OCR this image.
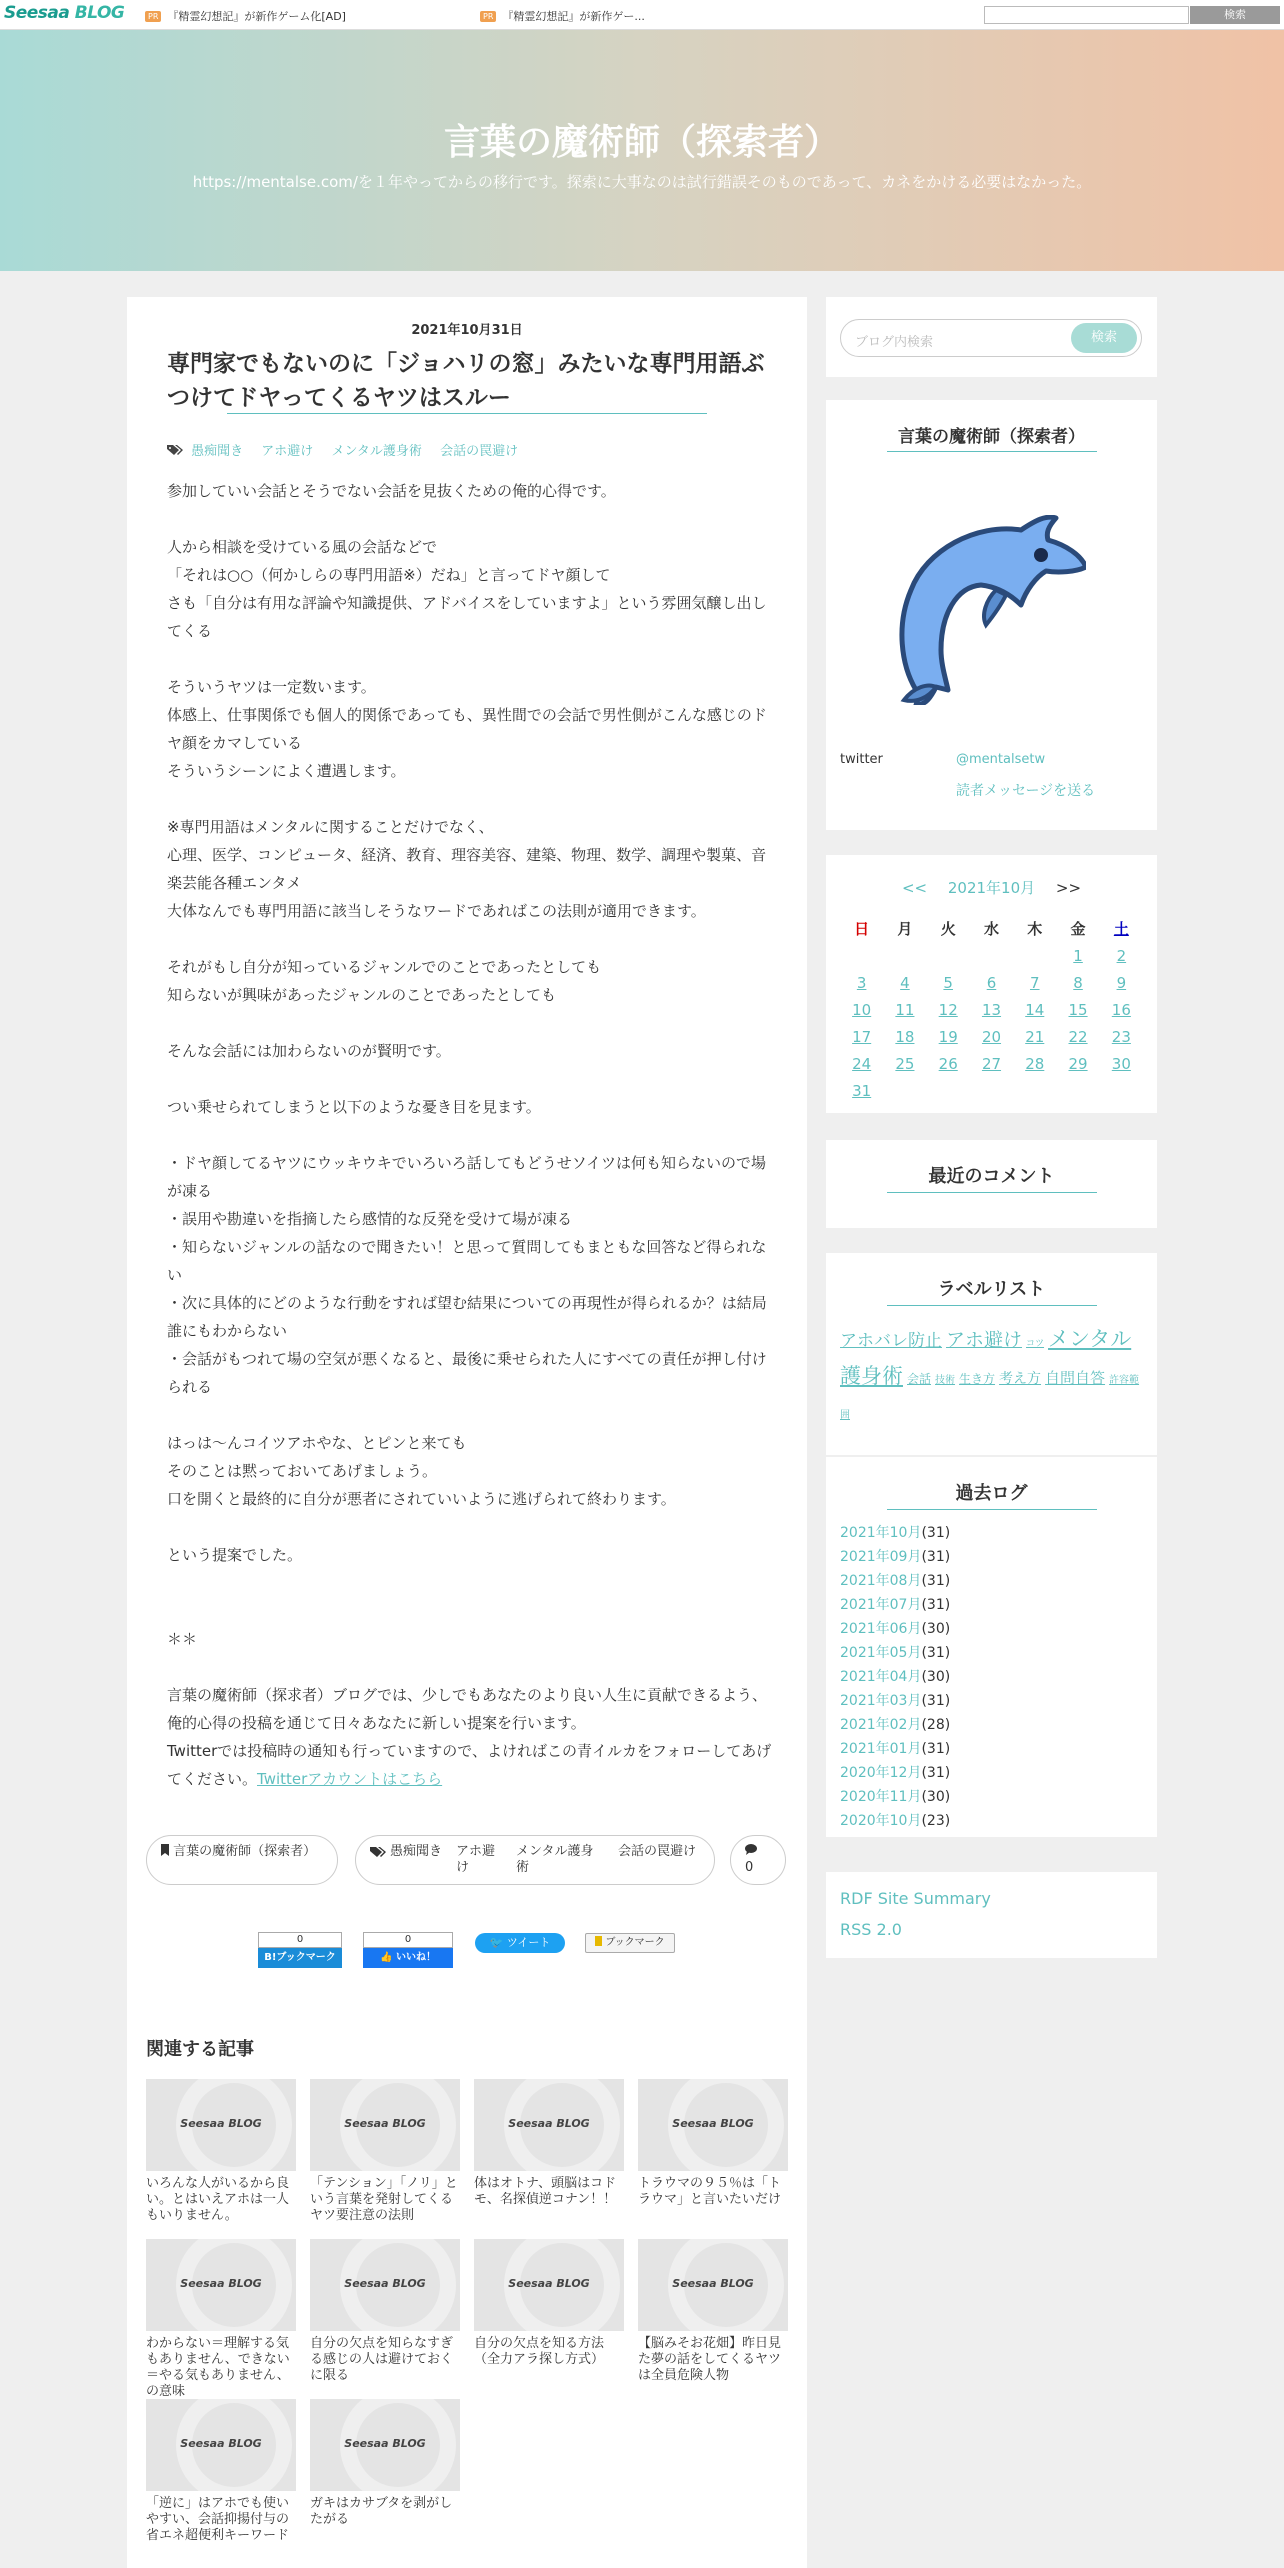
Seesaa BLOG	PR 『精霊幻想記』が新作ゲーム化[AD]	PR 『精霊幻想記』が新作ゲー...	検索
言葉の魔術師（探索者）
https://mentalse.com/を１年やってからの移行です。探索に大事なのは試行錯誤そのものであって、カネをかける必要はなかった。
2021年10月31日
専門家でもないのに「ジョハリの窓」みたいな専門用語ぶつけてドヤってくるヤツはスルー
愚痴聞き アホ避け メンタル護身術 会話の罠避け
参加していい会話とそうでない会話を見抜くための俺的心得です。

人から相談を受けている風の会話などで
「それは○○（何かしらの専門用語※）だね」と言ってドヤ顔して
さも「自分は有用な評論や知識提供、アドバイスをしていますよ」という雰囲気醸し出してくる

そういうヤツは一定数います。
体感上、仕事関係でも個人的関係であっても、異性間での会話で男性側がこんな感じのドヤ顔をカマしている
そういうシーンによく遭遇します。

※専門用語はメンタルに関することだけでなく、
心理、医学、コンピュータ、経済、教育、理容美容、建築、物理、数学、調理や製菓、音楽芸能各種エンタメ
大体なんでも専門用語に該当しそうなワードであればこの法則が適用できます。

それがもし自分が知っているジャンルでのことであったとしても
知らないが興味があったジャンルのことであったとしても

そんな会話には加わらないのが賢明です。

つい乗せられてしまうと以下のような憂き目を見ます。

・ドヤ顔してるヤツにウッキウキでいろいろ話してもどうせソイツは何も知らないので場が凍る
・誤用や勘違いを指摘したら感情的な反発を受けて場が凍る
・知らないジャンルの話なので聞きたい！と思って質問してもまともな回答など得られない
・次に具体的にどのような行動をすれば望む結果についての再現性が得られるか？は結局誰にもわからない
・会話がもつれて場の空気が悪くなると、最後に乗せられた人にすべての責任が押し付けられる

はっは～んコイツアホやな、とピンと来ても
そのことは黙っておいてあげましょう。
口を開くと最終的に自分が悪者にされていいように逃げられて終わります。

という提案でした。

＊＊

言葉の魔術師（探求者）ブログでは、少しでもあなたのより良い人生に貢献できるよう、俺的心得の投稿を通じて日々あなたに新しい提案を行います。
Twitterでは投稿時の通知も行っていますので、よければこの青イルカをフォローしてあげてください。Twitterアカウントはこちら
言葉の魔術師（探索者）	愚痴聞き アホ避け
メンタル護身術
会話の罠避け
0
0
B!ブックマーク
0
👍 いいね！
🐦 ツイート	ブックマーク
関連する記事
Seesaa BLOG
いろんな人がいるから良い。とはいえアホは一人もいりません。
Seesaa BLOG
「テンション」「ノリ」という言葉を発射してくるヤツ要注意の法則
Seesaa BLOG
体はオトナ、頭脳はコドモ、名探偵逆コナン！！
Seesaa BLOG
トラウマの９５％は「トラウマ」と言いたいだけ
Seesaa BLOG
わからない＝理解する気もありません、できない＝やる気もありません、の意味
Seesaa BLOG
自分の欠点を知らなすぎる感じの人は避けておくに限る
Seesaa BLOG
自分の欠点を知る方法（全力アラ探し方式）
Seesaa BLOG
【脳みそお花畑】昨日見た夢の話をしてくるヤツは全員危険人物
Seesaa BLOG
「逆に」はアホでも使いやすい、会話抑揚付与の省エネ超便利キーワード
Seesaa BLOG
ガキはカサブタを剥がしたがる
ブログ内検索	検索
言葉の魔術師（探索者）
twitter	@mentalsetw
読者メッセージを送る
<< 2021年10月 >>
日	月	火	水	木	金	土
					1	2
3	4	5	6	7	8	9
10	11	12	13	14	15	16
17	18	19	20	21	22	23
24	25	26	27	28	29	30
31						
最近のコメント
ラベルリスト
アホバレ防止 アホ避け コツ メンタル護身術 会話 技術 生き方 考え方 自問自答 許容範囲
過去ログ
2021年10月(31)
2021年09月(31)
2021年08月(31)
2021年07月(31)
2021年06月(30)
2021年05月(31)
2021年04月(30)
2021年03月(31)
2021年02月(28)
2021年01月(31)
2020年12月(31)
2020年11月(30)
2020年10月(23)
RDF Site Summary
RSS 2.0
